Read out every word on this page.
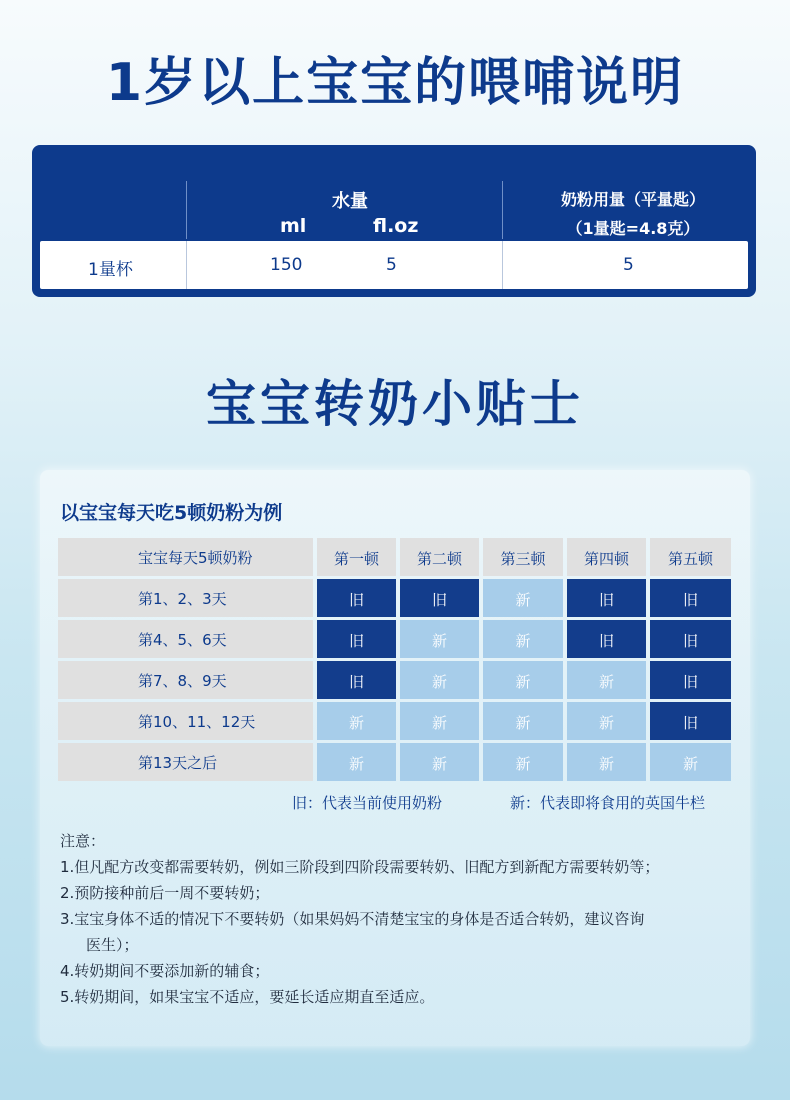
1岁以上宝宝的喂哺说明
水量
ml	fl.oz
奶粉用量（平量匙）
（1量匙=4.8克）
1量杯	150	5	5
宝宝转奶小贴士
以宝宝每天吃5顿奶粉为例
宝宝每天5顿奶粉	第一顿	第二顿	第三顿	第四顿	第五顿
第1、2、3天	旧	旧	新	旧	旧
第4、5、6天	旧	新	新	旧	旧
第7、8、9天	旧	新	新	新	旧
第10、11、12天	新	新	新	新	旧
第13天之后	新	新	新	新	新
旧：代表当前使用奶粉	新：代表即将食用的英国牛栏
注意：
1.但凡配方改变都需要转奶，例如三阶段到四阶段需要转奶、旧配方到新配方需要转奶等；
2.预防接种前后一周不要转奶；
3.宝宝身体不适的情况下不要转奶（如果妈妈不清楚宝宝的身体是否适合转奶，建议咨询
医生）；
4.转奶期间不要添加新的辅食；
5.转奶期间，如果宝宝不适应，要延长适应期直至适应。
